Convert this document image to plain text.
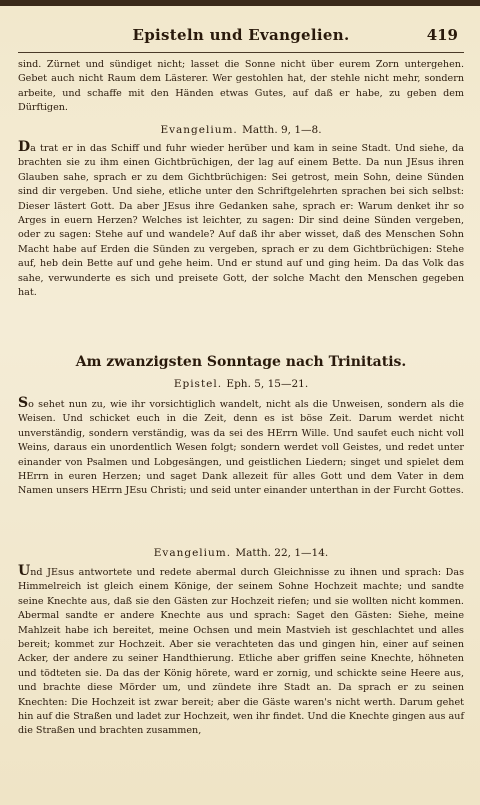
Episteln und Evangelien.	419

sind. Zürnet und sündiget nicht; lasset die Sonne nicht über eurem Zorn untergehen. Gebet auch nicht Raum dem Lästerer. Wer gestohlen hat, der stehle nicht mehr, sondern arbeite, und schaffe mit den Händen etwas Gutes, auf daß er habe, zu geben dem Dürftigen.

Evangelium. Matth. 9, 1—8.

Da trat er in das Schiff und fuhr wieder herüber und kam in seine Stadt. Und siehe, da brachten sie zu ihm einen Gichtbrüchigen, der lag auf einem Bette. Da nun JEsus ihren Glauben sahe, sprach er zu dem Gichtbrüchigen: Sei getrost, mein Sohn, deine Sünden sind dir vergeben. Und siehe, etliche unter den Schriftgelehrten sprachen bei sich selbst: Dieser lästert Gott. Da aber JEsus ihre Gedanken sahe, sprach er: Warum denket ihr so Arges in euern Herzen? Welches ist leichter, zu sagen: Dir sind deine Sünden vergeben, oder zu sagen: Stehe auf und wandele? Auf daß ihr aber wisset, daß des Menschen Sohn Macht habe auf Erden die Sünden zu vergeben, sprach er zu dem Gichtbrüchigen: Stehe auf, heb dein Bette auf und gehe heim. Und er stund auf und ging heim. Da das Volk das sahe, verwunderte es sich und preisete Gott, der solche Macht den Menschen gegeben hat.

Am zwanzigsten Sonntage nach Trinitatis.
Epistel. Eph. 5, 15—21.

So sehet nun zu, wie ihr vorsichtiglich wandelt, nicht als die Unweisen, sondern als die Weisen. Und schicket euch in die Zeit, denn es ist böse Zeit. Darum werdet nicht unverständig, sondern verständig, was da sei des HErrn Wille. Und saufet euch nicht voll Weins, daraus ein unordentlich Wesen folgt; sondern werdet voll Geistes, und redet unter einander von Psalmen und Lobgesängen, und geistlichen Liedern; singet und spielet dem HErrn in euren Herzen; und saget Dank allezeit für alles Gott und dem Vater in dem Namen unsers HErrn JEsu Christi; und seid unter einander unterthan in der Furcht Gottes.

Evangelium. Matth. 22, 1—14.

Und JEsus antwortete und redete abermal durch Gleichnisse zu ihnen und sprach: Das Himmelreich ist gleich einem Könige, der seinem Sohne Hochzeit machte; und sandte seine Knechte aus, daß sie den Gästen zur Hochzeit riefen; und sie wollten nicht kommen. Abermal sandte er andere Knechte aus und sprach: Saget den Gästen: Siehe, meine Mahlzeit habe ich bereitet, meine Ochsen und mein Mastvieh ist geschlachtet und alles bereit; kommet zur Hochzeit. Aber sie verachteten das und gingen hin, einer auf seinen Acker, der andere zu seiner Handthierung. Etliche aber griffen seine Knechte, höhneten und tödteten sie. Da das der König hörete, ward er zornig, und schickte seine Heere aus, und brachte diese Mörder um, und zündete ihre Stadt an. Da sprach er zu seinen Knechten: Die Hochzeit ist zwar bereit; aber die Gäste waren's nicht werth. Darum gehet hin auf die Straßen und ladet zur Hochzeit, wen ihr findet. Und die Knechte gingen aus auf die Straßen und brachten zusammen,
